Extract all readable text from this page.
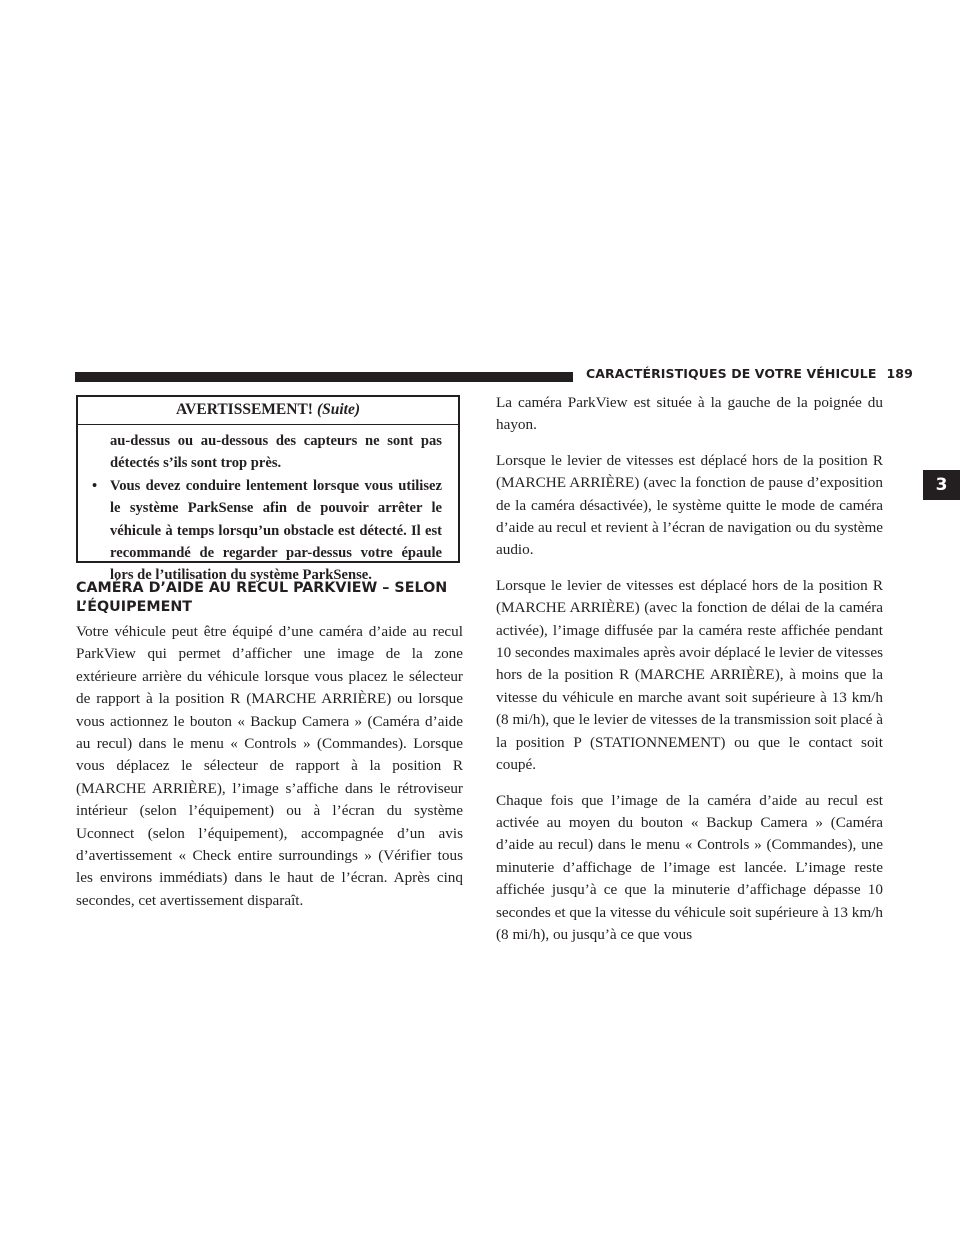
CARACTÉRISTIQUES DE VOTRE VÉHICULE 189
3
AVERTISSEMENT! (Suite)

au-dessus ou au-dessous des capteurs ne sont pas détectés s’ils sont trop près.

• Vous devez conduire lentement lorsque vous utilisez le système ParkSense afin de pouvoir arrêter le véhicule à temps lorsqu’un obstacle est détecté. Il est recommandé de regarder par-dessus votre épaule lors de l’utilisation du système ParkSense.

CAMÉRA D’AIDE AU RECUL PARKVIEW – SELON L’ÉQUIPEMENT

Votre véhicule peut être équipé d’une caméra d’aide au recul ParkView qui permet d’afficher une image de la zone extérieure arrière du véhicule lorsque vous placez le sélecteur de rapport à la position R (MARCHE ARRIÈRE) ou lorsque vous actionnez le bouton « Backup Camera » (Caméra d’aide au recul) dans le menu « Controls » (Commandes). Lorsque vous déplacez le sélecteur de rapport à la position R (MARCHE ARRIÈRE), l’image s’affiche dans le rétroviseur intérieur (selon l’équipement) ou à l’écran du système Uconnect (selon l’équipement), accompagnée d’un avis d’avertissement « Check entire surroundings » (Vérifier tous les environs immédiats) dans le haut de l’écran. Après cinq secondes, cet avertissement disparaît.

La caméra ParkView est située à la gauche de la poignée du hayon.

Lorsque le levier de vitesses est déplacé hors de la position R (MARCHE ARRIÈRE) (avec la fonction de pause d’exposition de la caméra désactivée), le système quitte le mode de caméra d’aide au recul et revient à l’écran de navigation ou du système audio.

Lorsque le levier de vitesses est déplacé hors de la position R (MARCHE ARRIÈRE) (avec la fonction de délai de la caméra activée), l’image diffusée par la caméra reste affichée pendant 10 secondes maximales après avoir déplacé le levier de vitesses hors de la position R (MARCHE ARRIÈRE), à moins que la vitesse du véhicule en marche avant soit supérieure à 13 km/h (8 mi/h), que le levier de vitesses de la transmission soit placé à la position P (STATIONNEMENT) ou que le contact soit coupé.

Chaque fois que l’image de la caméra d’aide au recul est activée au moyen du bouton « Backup Camera » (Caméra d’aide au recul) dans le menu « Controls » (Commandes), une minuterie d’affichage de l’image est lancée. L’image reste affichée jusqu’à ce que la minuterie d’affichage dépasse 10 secondes et que la vitesse du véhicule soit supérieure à 13 km/h (8 mi/h), ou jusqu’à ce que vous
